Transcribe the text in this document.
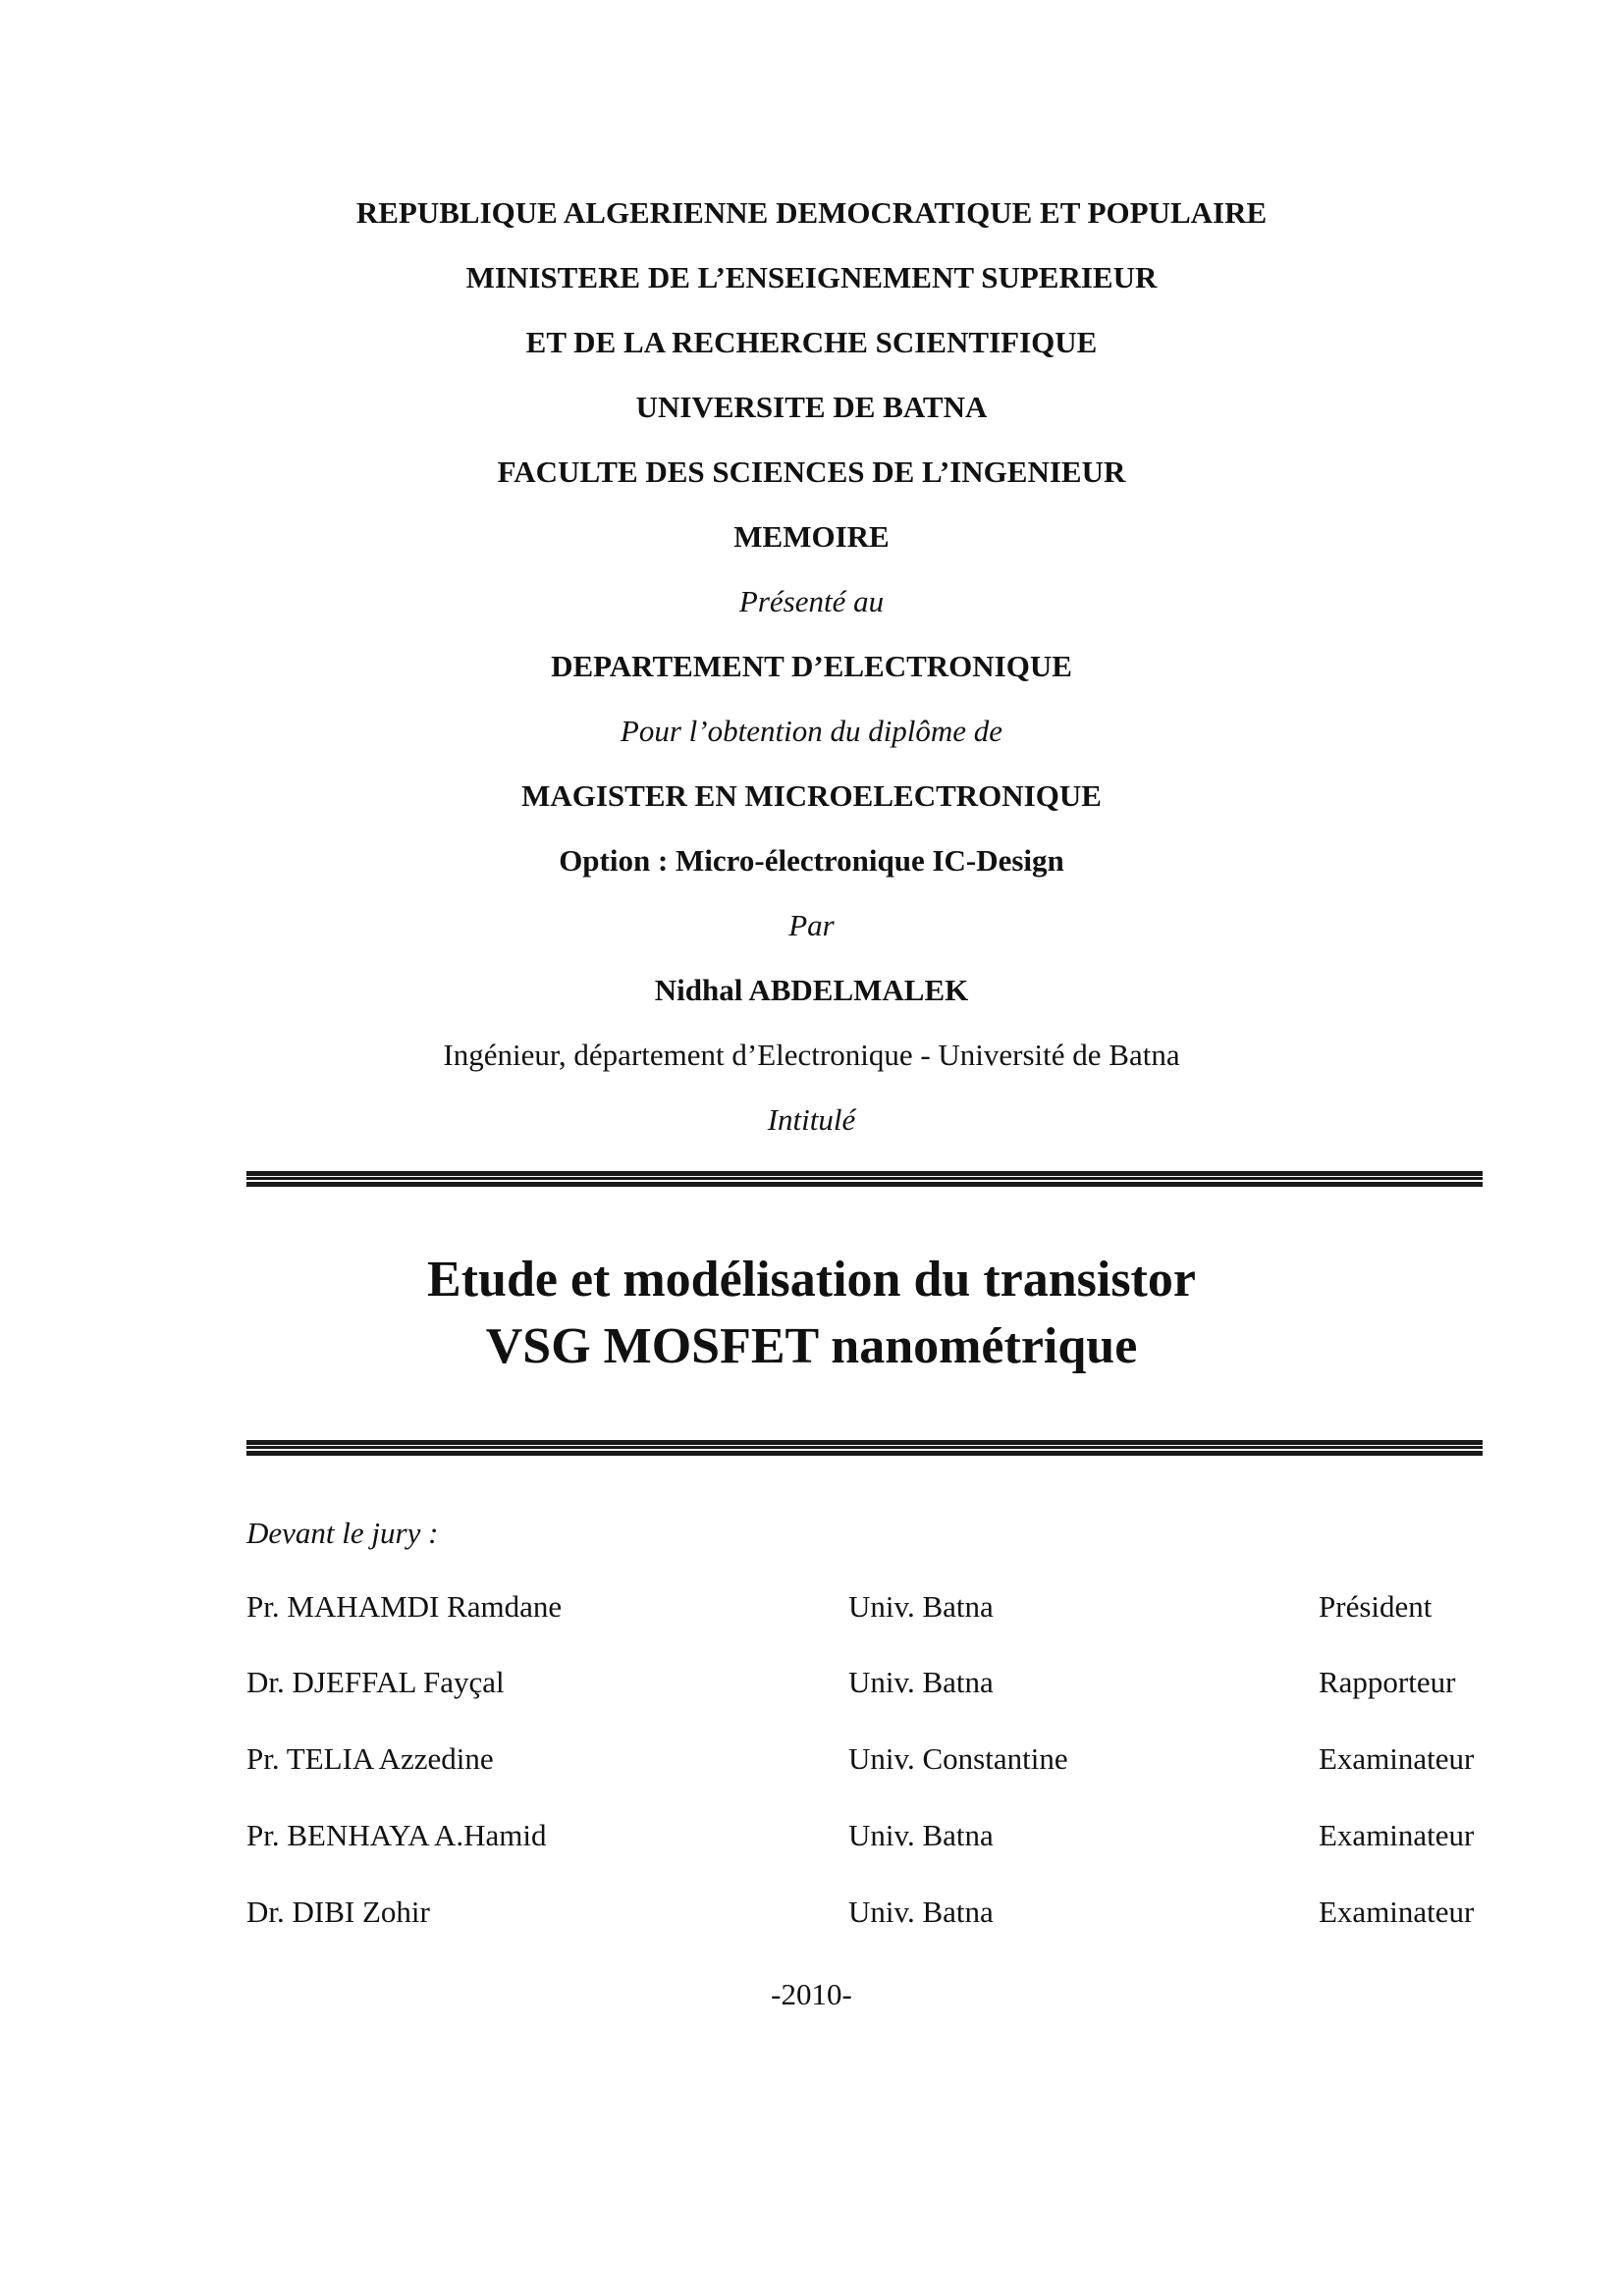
REPUBLIQUE ALGERIENNE DEMOCRATIQUE ET POPULAIRE
MINISTERE DE L’ENSEIGNEMENT SUPERIEUR
ET DE LA RECHERCHE SCIENTIFIQUE
UNIVERSITE DE BATNA
FACULTE DES SCIENCES DE L’INGENIEUR
MEMOIRE
Présenté au
DEPARTEMENT D’ELECTRONIQUE
Pour l’obtention du diplôme de
MAGISTER EN MICROELECTRONIQUE
Option : Micro-électronique IC-Design
Par
Nidhal ABDELMALEK
Ingénieur, département d’Electronique - Université de Batna
Intitulé
Etude et modélisation du transistor
VSG MOSFET nanométrique
Devant le jury :
Pr. MAHAMDI Ramdane	Univ. Batna	Président
Dr. DJEFFAL Fayçal	Univ. Batna	Rapporteur
Pr. TELIA Azzedine	Univ. Constantine	Examinateur
Pr. BENHAYA A.Hamid	Univ. Batna	Examinateur
Dr. DIBI Zohir	Univ. Batna	Examinateur
-2010-
